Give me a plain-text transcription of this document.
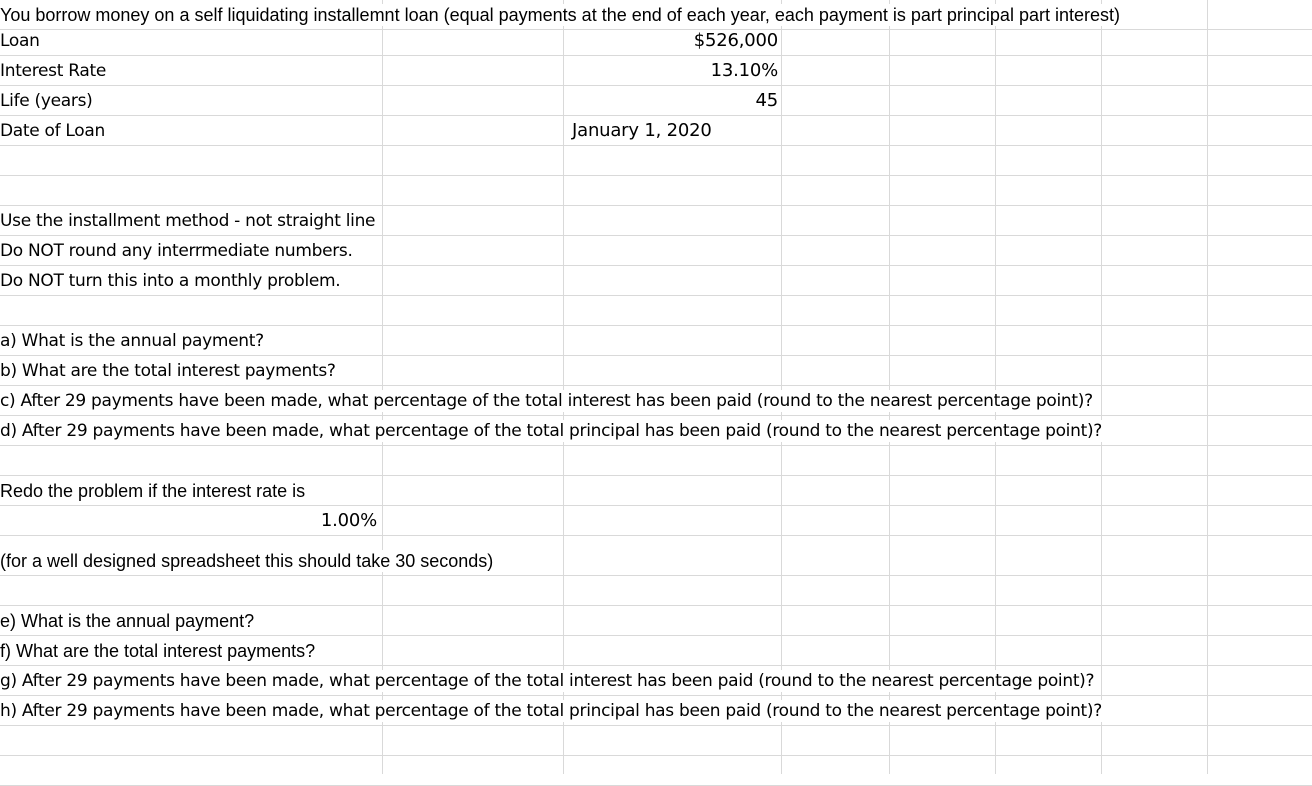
You borrow money on a self liquidating installemnt loan (equal payments at the end of each year, each payment is part principal part interest)
Loan	$526,000
Interest Rate	13.10%
Life (years)	45
Date of Loan	January 1, 2020
Use the installment method - not straight line
Do NOT round any interrmediate numbers.
Do NOT turn this into a monthly problem.
a) What is the annual payment?
b) What are the total interest payments?
c) After 29 payments have been made, what percentage of the total interest has been paid (round to the nearest percentage point)?
d) After 29 payments have been made, what percentage of the total principal has been paid (round to the nearest percentage point)?
Redo the problem if the interest rate is
1.00%
(for a well designed spreadsheet this should take 30 seconds)
e) What is the annual payment?
f) What are the total interest payments?
g) After 29 payments have been made, what percentage of the total interest has been paid (round to the nearest percentage point)?
h) After 29 payments have been made, what percentage of the total principal has been paid (round to the nearest percentage point)?
